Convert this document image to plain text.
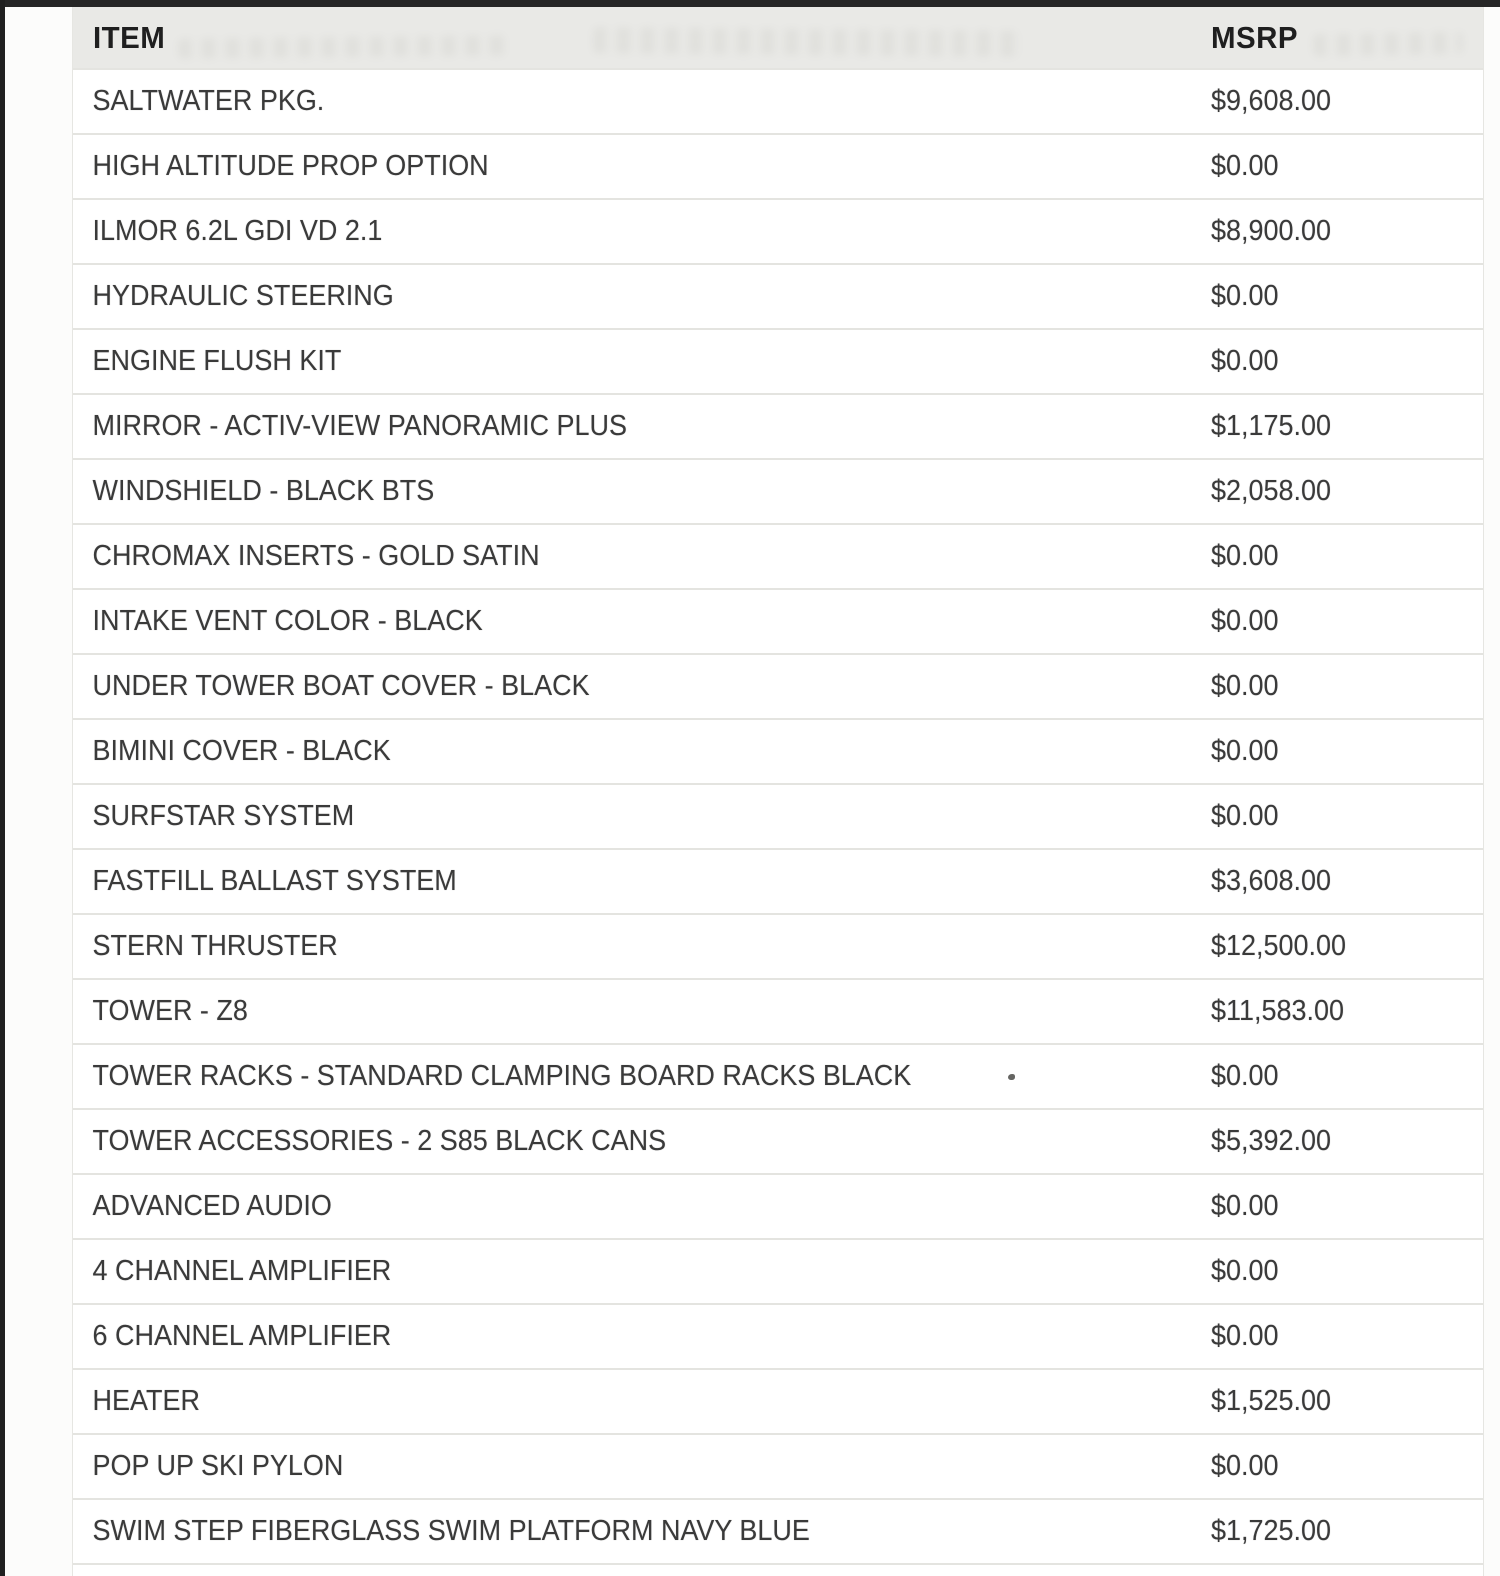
ITEM	MSRP
SALTWATER PKG.	$9,608.00
HIGH ALTITUDE PROP OPTION	$0.00
ILMOR 6.2L GDI VD 2.1	$8,900.00
HYDRAULIC STEERING	$0.00
ENGINE FLUSH KIT	$0.00
MIRROR - ACTIV-VIEW PANORAMIC PLUS	$1,175.00
WINDSHIELD - BLACK BTS	$2,058.00
CHROMAX INSERTS - GOLD SATIN	$0.00
INTAKE VENT COLOR - BLACK	$0.00
UNDER TOWER BOAT COVER - BLACK	$0.00
BIMINI COVER - BLACK	$0.00
SURFSTAR SYSTEM	$0.00
FASTFILL BALLAST SYSTEM	$3,608.00
STERN THRUSTER	$12,500.00
TOWER - Z8	$11,583.00
TOWER RACKS - STANDARD CLAMPING BOARD RACKS BLACK	$0.00
TOWER ACCESSORIES - 2 S85 BLACK CANS	$5,392.00
ADVANCED AUDIO	$0.00
4 CHANNEL AMPLIFIER	$0.00
6 CHANNEL AMPLIFIER	$0.00
HEATER	$1,525.00
POP UP SKI PYLON	$0.00
SWIM STEP FIBERGLASS SWIM PLATFORM NAVY BLUE	$1,725.00
